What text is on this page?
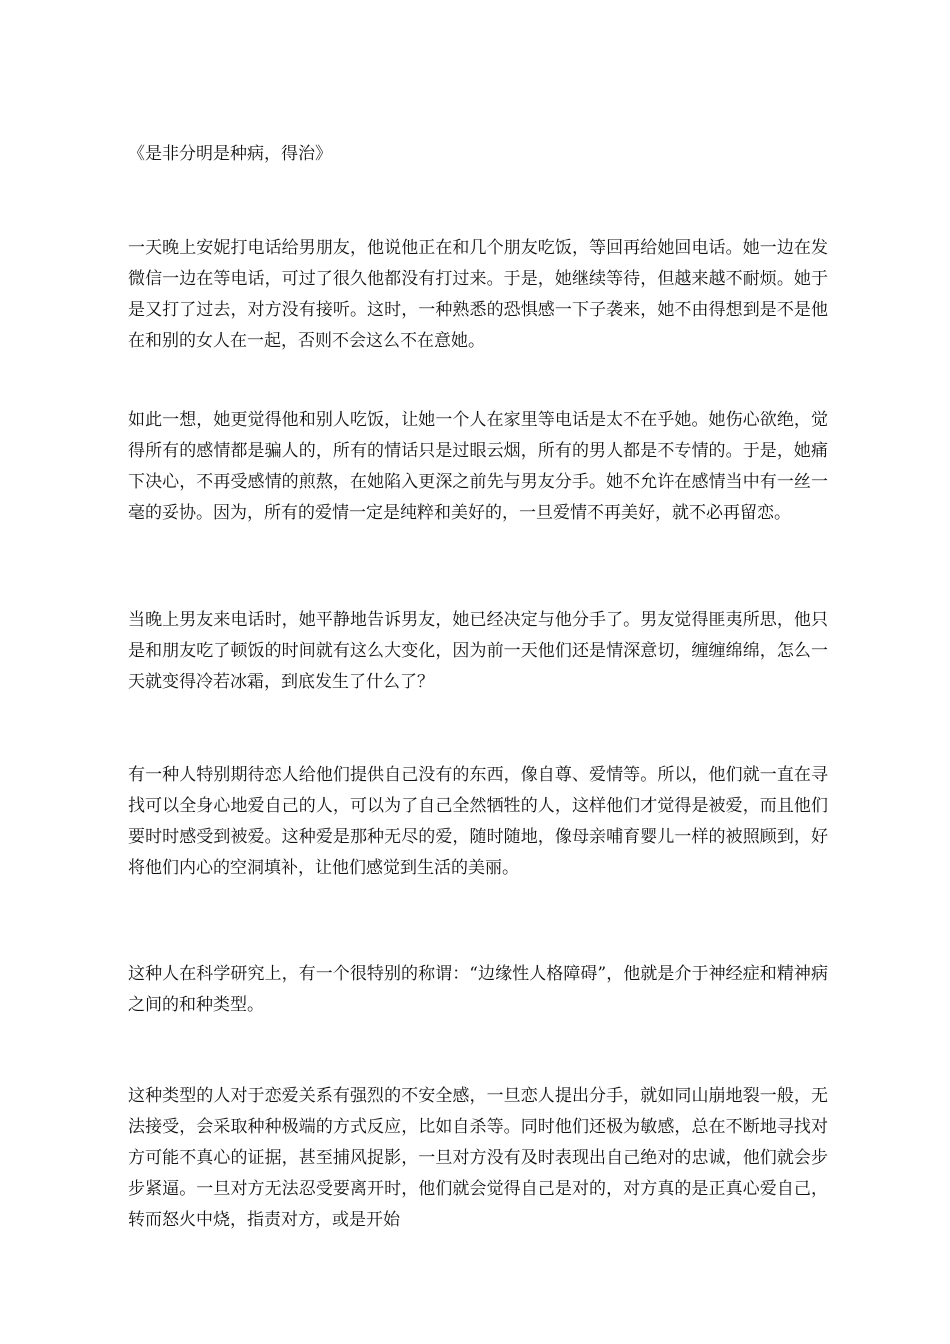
《是非分明是种病，得治》
一天晚上安妮打电话给男朋友，他说他正在和几个朋友吃饭，等回再给她回电话。她一边在发微信一边在等电话，可过了很久他都没有打过来。于是，她继续等待，但越来越不耐烦。她于是又打了过去，对方没有接听。这时，一种熟悉的恐惧感一下子袭来，她不由得想到是不是他在和别的女人在一起，否则不会这么不在意她。
如此一想，她更觉得他和别人吃饭，让她一个人在家里等电话是太不在乎她。她伤心欲绝，觉得所有的感情都是骗人的，所有的情话只是过眼云烟，所有的男人都是不专情的。于是，她痛下决心，不再受感情的煎熬，在她陷入更深之前先与男友分手。她不允许在感情当中有一丝一毫的妥协。因为，所有的爱情一定是纯粹和美好的，一旦爱情不再美好，就不必再留恋。
当晚上男友来电话时，她平静地告诉男友，她已经决定与他分手了。男友觉得匪夷所思，他只是和朋友吃了顿饭的时间就有这么大变化，因为前一天他们还是情深意切，缠缠绵绵，怎么一天就变得冷若冰霜，到底发生了什么了？
有一种人特别期待恋人给他们提供自己没有的东西，像自尊、爱情等。所以，他们就一直在寻找可以全身心地爱自己的人，可以为了自己全然牺牲的人，这样他们才觉得是被爱，而且他们要时时感受到被爱。这种爱是那种无尽的爱，随时随地，像母亲哺育婴儿一样的被照顾到，好将他们内心的空洞填补，让他们感觉到生活的美丽。
这种人在科学研究上，有一个很特别的称谓：“边缘性人格障碍”，他就是介于神经症和精神病之间的和种类型。
这种类型的人对于恋爱关系有强烈的不安全感，一旦恋人提出分手，就如同山崩地裂一般，无法接受，会采取种种极端的方式反应，比如自杀等。同时他们还极为敏感，总在不断地寻找对方可能不真心的证据，甚至捕风捉影，一旦对方没有及时表现出自己绝对的忠诚，他们就会步步紧逼。一旦对方无法忍受要离开时，他们就会觉得自己是对的，对方真的是正真心爱自己，转而怒火中烧，指责对方，或是开始
